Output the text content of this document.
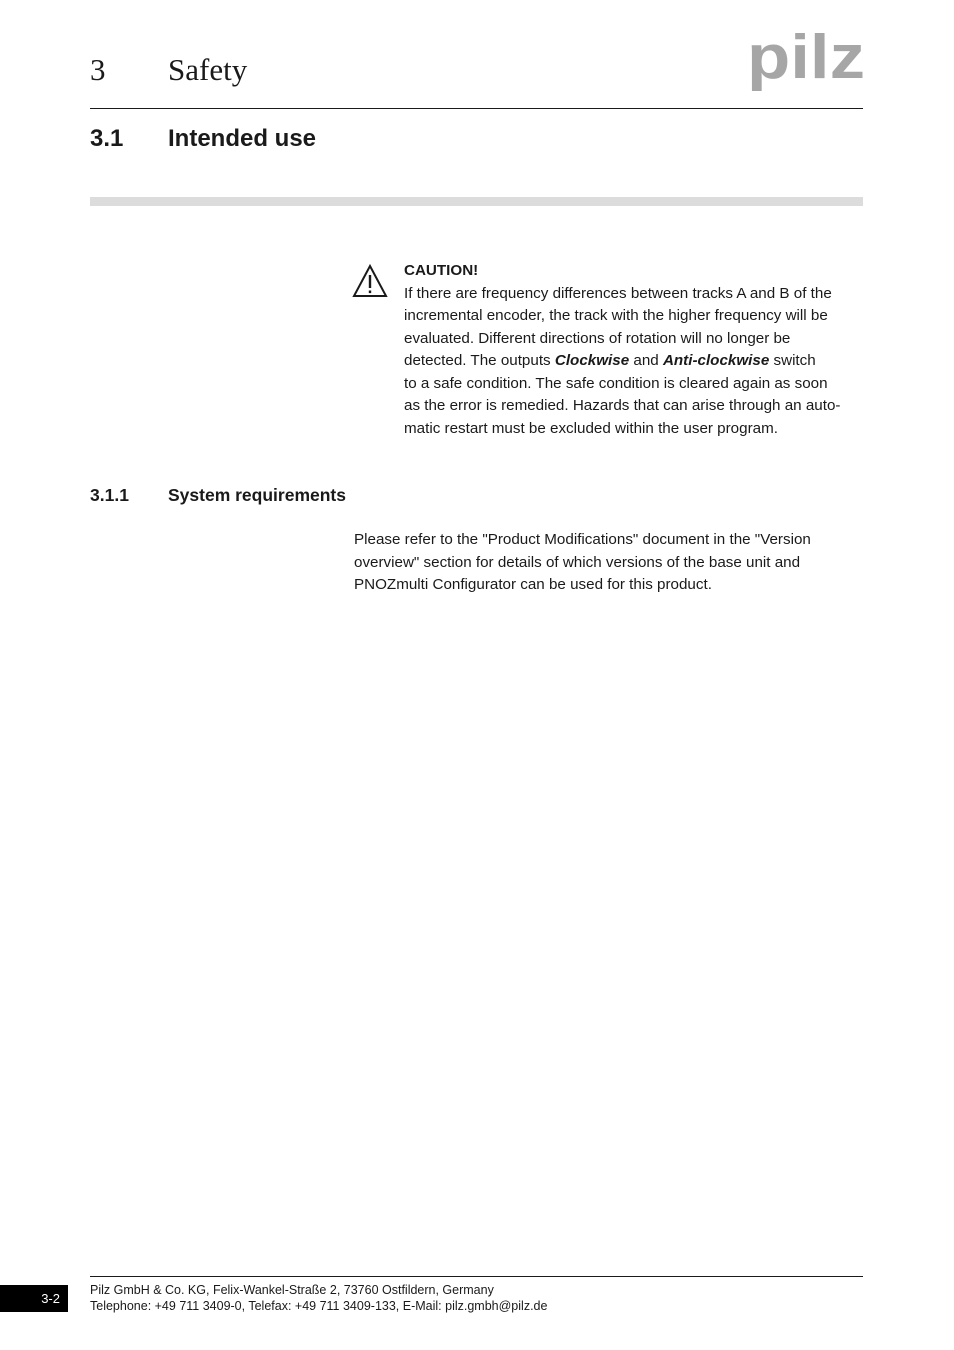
3 Safety	pilz
3.1 Intended use
CAUTION!
If there are frequency differences between tracks A and B of the
incremental encoder, the track with the higher frequency will be
evaluated. Different directions of rotation will no longer be
detected. The outputs Clockwise and Anti-clockwise switch
to a safe condition. The safe condition is cleared again as soon
as the error is remedied. Hazards that can arise through an auto-
matic restart must be excluded within the user program.
3.1.1 System requirements
Please refer to the "Product Modifications" document in the "Version
overview" section for details of which versions of the base unit and
PNOZmulti Configurator can be used for this product.
3-2
Pilz GmbH & Co. KG, Felix-Wankel-Straße 2, 73760 Ostfildern, Germany
Telephone: +49 711 3409-0, Telefax: +49 711 3409-133, E-Mail: pilz.gmbh@pilz.de
